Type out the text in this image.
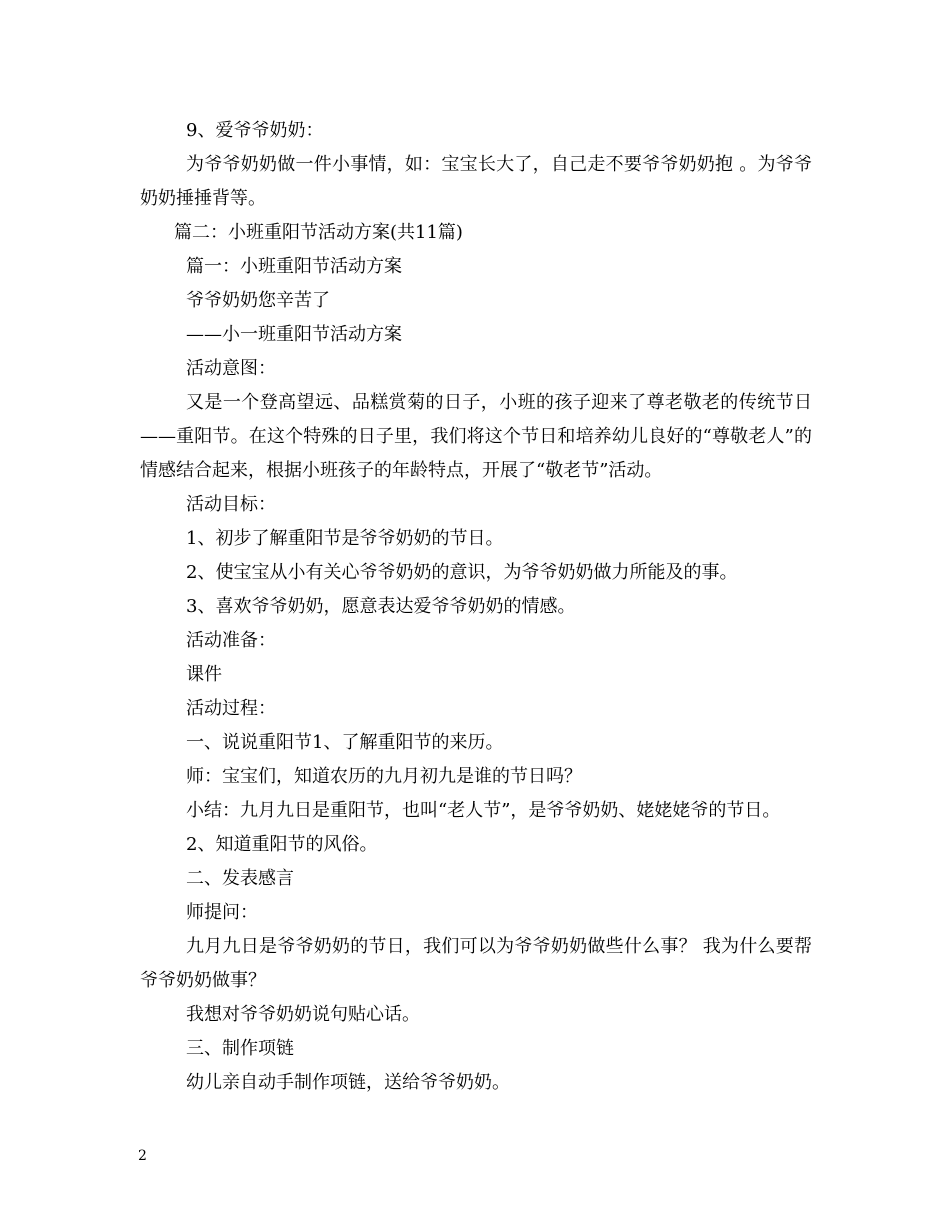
9、爱爷爷奶奶：

为爷爷奶奶做一件小事情，如：宝宝长大了，自己走不要爷爷奶奶抱 。为爷爷奶奶捶捶背等。

篇二：小班重阳节活动方案(共11篇)

篇一：小班重阳节活动方案

爷爷奶奶您辛苦了

——小一班重阳节活动方案

活动意图：

又是一个登高望远、品糕赏菊的日子，小班的孩子迎来了尊老敬老的传统节日——重阳节。在这个特殊的日子里，我们将这个节日和培养幼儿良好的“尊敬老人”的情感结合起来，根据小班孩子的年龄特点，开展了“敬老节”活动。

活动目标：

1、初步了解重阳节是爷爷奶奶的节日。

2、使宝宝从小有关心爷爷奶奶的意识，为爷爷奶奶做力所能及的事。

3、喜欢爷爷奶奶，愿意表达爱爷爷奶奶的情感。

活动准备：

课件

活动过程：

一、说说重阳节1、了解重阳节的来历。

师：宝宝们，知道农历的九月初九是谁的节日吗？

小结：九月九日是重阳节，也叫“老人节”，是爷爷奶奶、姥姥姥爷的节日。

2、知道重阳节的风俗。

二、发表感言

师提问：

九月九日是爷爷奶奶的节日，我们可以为爷爷奶奶做些什么事？ 我为什么要帮爷爷奶奶做事？

我想对爷爷奶奶说句贴心话。

三、制作项链

幼儿亲自动手制作项链，送给爷爷奶奶。

2
